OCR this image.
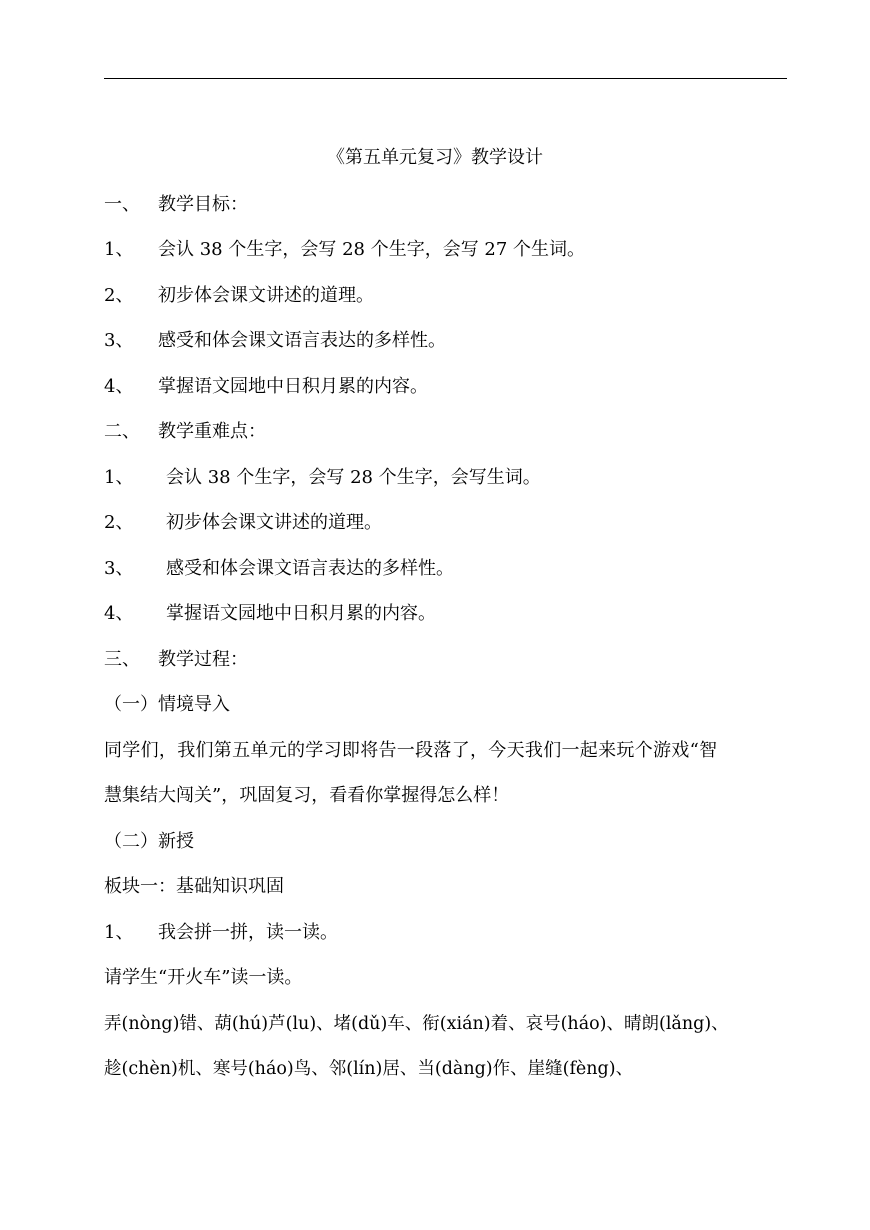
《第五单元复习》教学设计
一、 教学目标：
1、 会认 38 个生字，会写 28 个生字，会写 27 个生词。
2、 初步体会课文讲述的道理。
3、 感受和体会课文语言表达的多样性。
4、 掌握语文园地中日积月累的内容。
二、 教学重难点：
1、 会认 38 个生字，会写 28 个生字，会写生词。
2、 初步体会课文讲述的道理。
3、 感受和体会课文语言表达的多样性。
4、 掌握语文园地中日积月累的内容。
三、 教学过程：
（一）情境导入
同学们，我们第五单元的学习即将告一段落了，今天我们一起来玩个游戏“智
慧集结大闯关”，巩固复习，看看你掌握得怎么样！
（二）新授
板块一：基础知识巩固
1、 我会拼一拼，读一读。
请学生“开火车”读一读。
弄(nòng)错、葫(hú)芦(lu)、堵(dǔ)车、衔(xián)着、哀号(háo)、晴朗(lǎng)、
趁(chèn)机、寒号(háo)鸟、邻(lín)居、当(dàng)作、崖缝(fèng)、
